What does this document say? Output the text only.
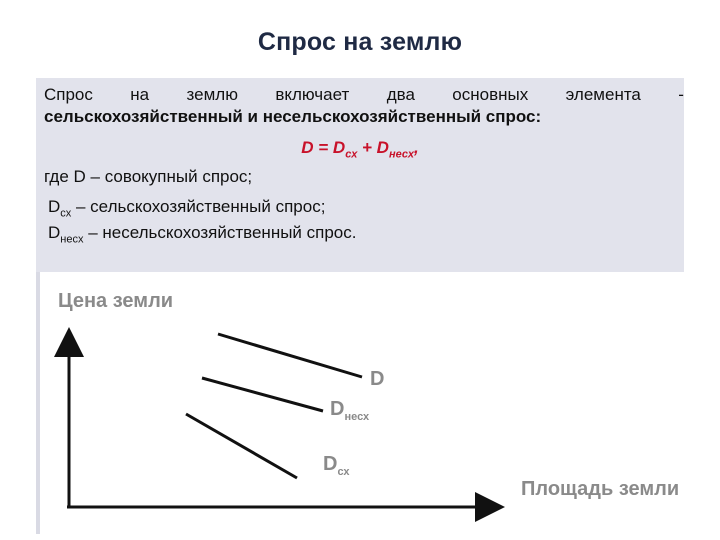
Спрос на землю
Спрос на землю включает два основных элемента -
сельскохозяйственный и несельскохозяйственный спрос:
$D = D_{сх} + D_{несх}$,
где D – совокупный спрос;
$D_{сх}$ – сельскохозяйственный спрос;
$D_{несх}$ – несельскохозяйственный спрос.
Цена земли
Площадь земли
D
$D_{несх}$
$D_{сх}$
